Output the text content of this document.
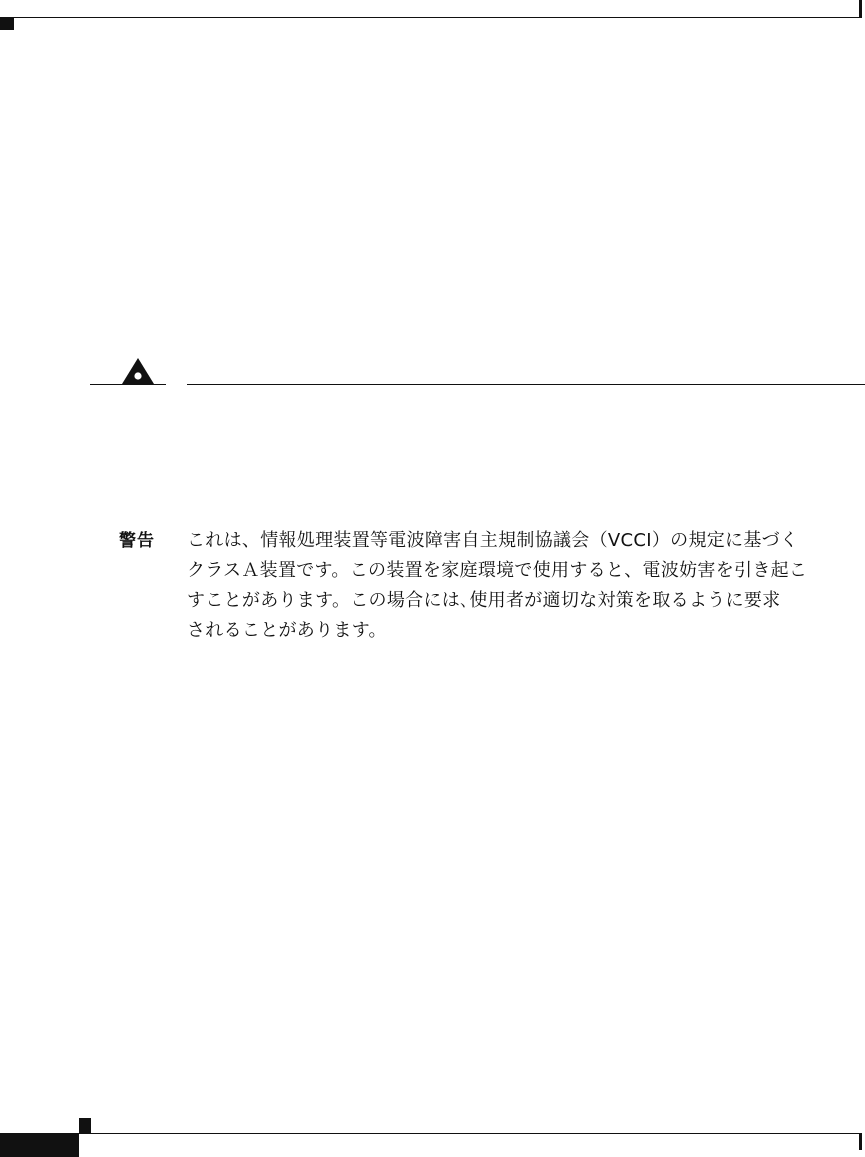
警告 これは、情報処理装置等電波障害自主規制協議会（VCCI）の規定に基づく
クラスＡ装置です。この装置を家庭環境で使用すると、電波妨害を引き起こ
すことがあります。この場合には､使用者が適切な対策を取るように要求
されることがあります。
